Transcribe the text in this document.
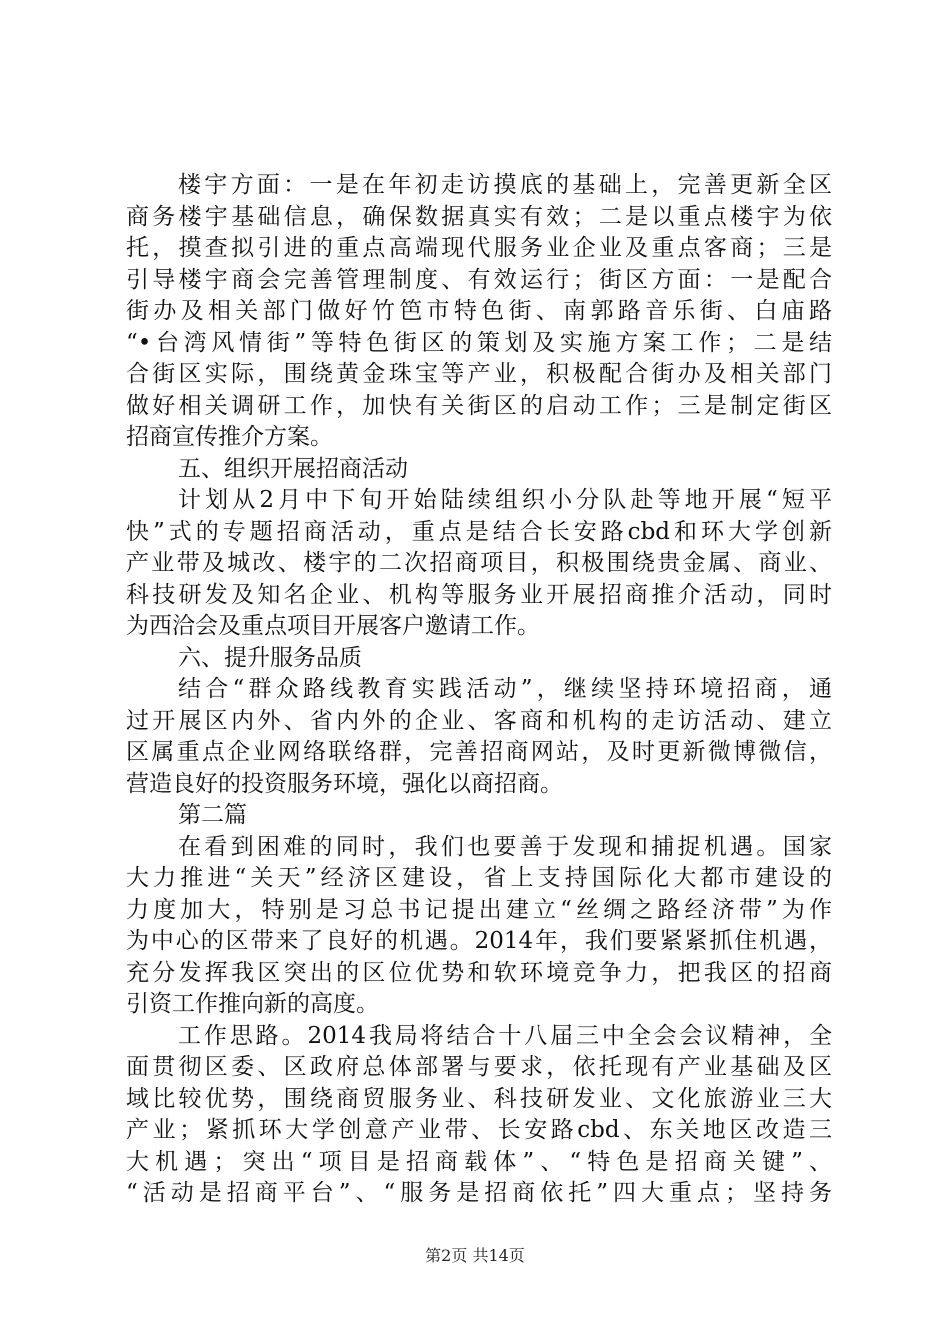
楼宇方面：一是在年初走访摸底的基础上，完善更新全区
商务楼宇基础信息，确保数据真实有效；二是以重点楼宇为依
托，摸查拟引进的重点高端现代服务业企业及重点客商；三是
引导楼宇商会完善管理制度、有效运行；街区方面：一是配合
街办及相关部门做好竹笆市特色街、南郭路音乐街、白庙路
“•台湾风情街”等特色街区的策划及实施方案工作；二是结
合街区实际，围绕黄金珠宝等产业，积极配合街办及相关部门
做好相关调研工作，加快有关街区的启动工作；三是制定街区
招商宣传推介方案。
五、组织开展招商活动
计划从2月中下旬开始陆续组织小分队赴等地开展“短平
快”式的专题招商活动，重点是结合长安路cbd和环大学创新
产业带及城改、楼宇的二次招商项目，积极围绕贵金属、商业、
科技研发及知名企业、机构等服务业开展招商推介活动，同时
为西洽会及重点项目开展客户邀请工作。
六、提升服务品质
结合“群众路线教育实践活动”，继续坚持环境招商，通
过开展区内外、省内外的企业、客商和机构的走访活动、建立
区属重点企业网络联络群，完善招商网站，及时更新微博微信，
营造良好的投资服务环境，强化以商招商。
第二篇
在看到困难的同时，我们也要善于发现和捕捉机遇。国家
大力推进“关天”经济区建设，省上支持国际化大都市建设的
力度加大，特别是习总书记提出建立“丝绸之路经济带”为作
为中心的区带来了良好的机遇。2014年，我们要紧紧抓住机遇，
充分发挥我区突出的区位优势和软环境竞争力，把我区的招商
引资工作推向新的高度。
工作思路。2014我局将结合十八届三中全会会议精神，全
面贯彻区委、区政府总体部署与要求，依托现有产业基础及区
域比较优势，围绕商贸服务业、科技研发业、文化旅游业三大
产业；紧抓环大学创意产业带、长安路cbd、东关地区改造三
大机遇；突出“项目是招商载体”、“特色是招商关键”、
“活动是招商平台”、“服务是招商依托”四大重点；坚持务
第2页 共14页
